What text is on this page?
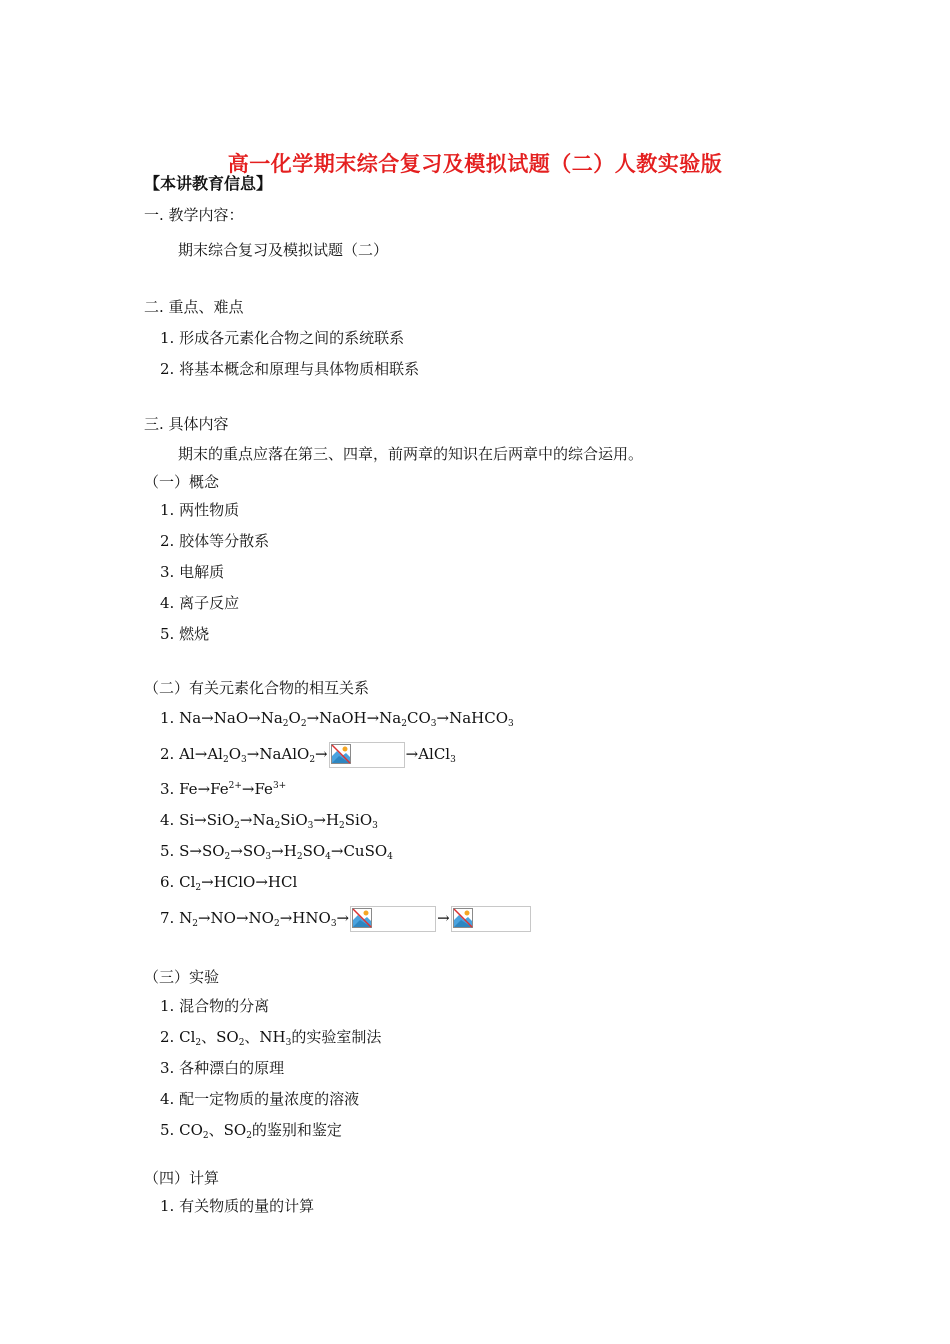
高一化学期末综合复习及模拟试题（二）人教实验版
【本讲教育信息】
一. 教学内容：
期末综合复习及模拟试题（二）
二. 重点、难点
1. 形成各元素化合物之间的系统联系
2. 将基本概念和原理与具体物质相联系
三. 具体内容
期末的重点应落在第三、四章，前两章的知识在后两章中的综合运用。
（一）概念
1. 两性物质
2. 胶体等分散系
3. 电解质
4. 离子反应
5. 燃烧
（二）有关元素化合物的相互关系
1. $Na\to NaO\to Na_2O_2\to NaOH\to Na_2CO_3\to NaHCO_3$
2. $Al\to Al_2O_3\to NaAlO_2\to$	→AlCl$_3$
3. $Fe\to Fe^{2+}\to Fe^{3+}$
4. $Si\to SiO_2\to Na_2SiO_3\to H_2SiO_3$
5. $S\to SO_2\to SO_3\to H_2SO_4\to CuSO_4$
6. $Cl_2\to HClO\to HCl$
7. $N_2\to NO\to NO_2\to HNO_3\to$	→
（三）实验
1. 混合物的分离
2. $Cl_2$、$SO_2$、$NH_3$的实验室制法
3. 各种漂白的原理
4. 配一定物质的量浓度的溶液
5. $CO_2$、$SO_2$的鉴别和鉴定
（四）计算
1. 有关物质的量的计算
